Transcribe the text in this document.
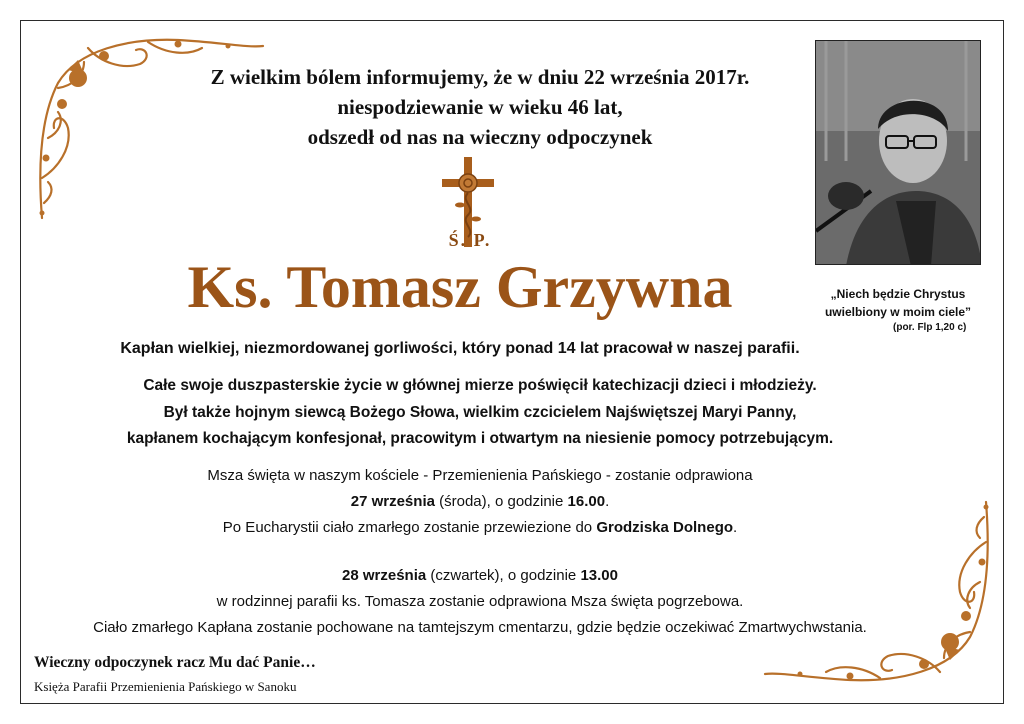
Z wielkim bólem informujemy, że w dniu 22 września 2017r.
niespodziewanie w wieku 46 lat,
odszedł od nas na wieczny odpoczynek
Ś. P.
Ks. Tomasz Grzywna
Kapłan wielkiej, niezmordowanej gorliwości, który ponad 14 lat pracował w naszej parafii.
Całe swoje duszpasterskie życie w głównej mierze poświęcił katechizacji dzieci i młodzieży.
Był także hojnym siewcą Bożego Słowa, wielkim czcicielem Najświętszej Maryi Panny,
kapłanem kochającym konfesjonał, pracowitym i otwartym na niesienie pomocy potrzebującym.
Msza święta w naszym kościele - Przemienienia Pańskiego - zostanie odprawiona
27 września (środa), o godzinie 16.00.
Po Eucharystii ciało zmarłego zostanie przewiezione do Grodziska Dolnego.
28 września (czwartek), o godzinie 13.00
w rodzinnej parafii ks. Tomasza zostanie odprawiona Msza święta pogrzebowa.
Ciało zmarłego Kapłana zostanie pochowane na tamtejszym cmentarzu, gdzie będzie oczekiwać Zmartwychwstania.
„Niech będzie Chrystus
uwielbiony w moim ciele”
(por. Flp 1,20 c)
Wieczny odpoczynek racz Mu dać Panie…
Księża Parafii Przemienienia Pańskiego w Sanoku
